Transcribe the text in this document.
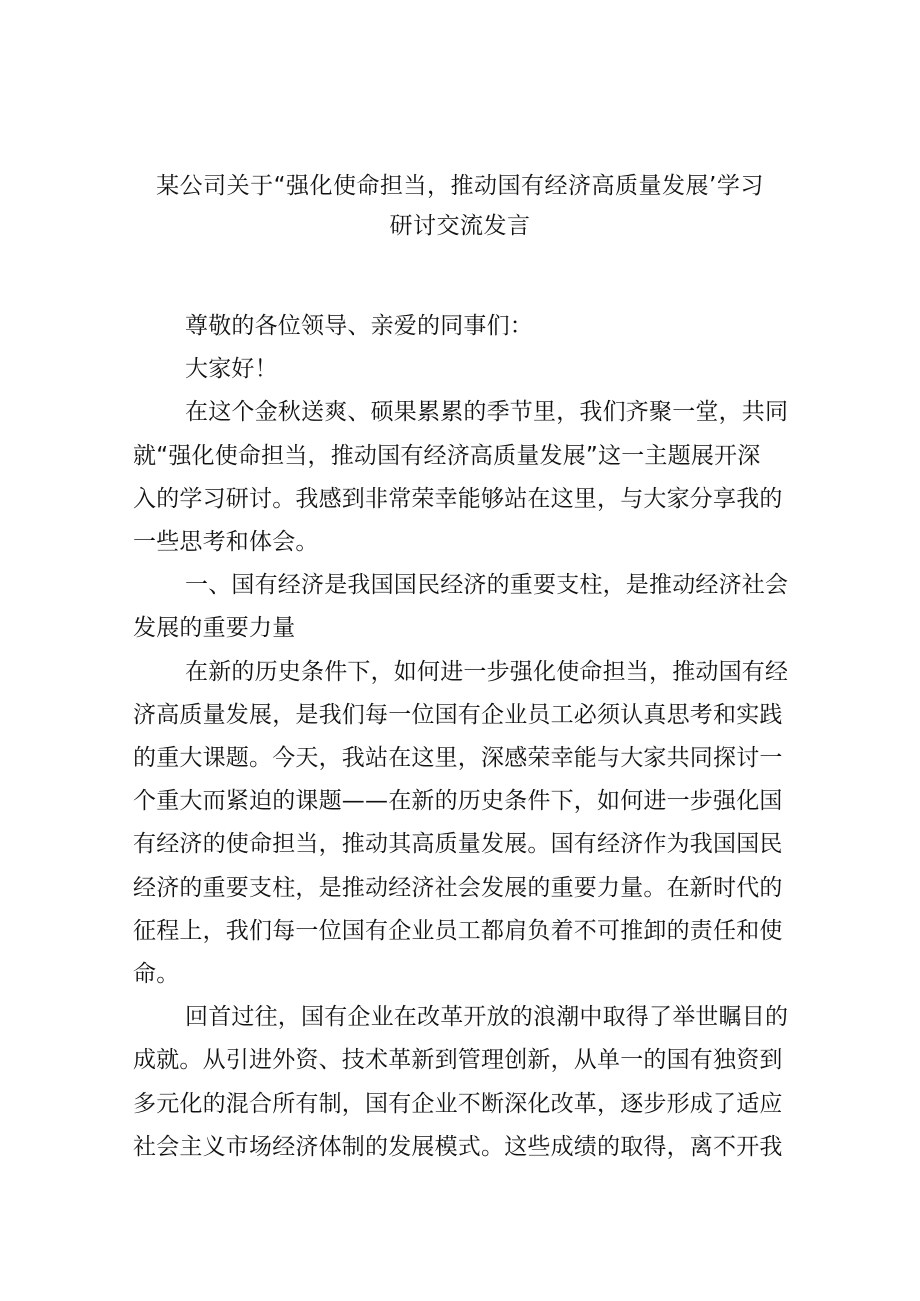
某公司关于“强化使命担当，推动国有经济高质量发展’学习
研讨交流发言
尊敬的各位领导、亲爱的同事们：
大家好！
在这个金秋送爽、硕果累累的季节里，我们齐聚一堂，共同
就“强化使命担当，推动国有经济高质量发展”这一主题展开深
入的学习研讨。我感到非常荣幸能够站在这里，与大家分享我的
一些思考和体会。
一、国有经济是我国国民经济的重要支柱，是推动经济社会
发展的重要力量
在新的历史条件下，如何进一步强化使命担当，推动国有经
济高质量发展，是我们每一位国有企业员工必须认真思考和实践
的重大课题。今天，我站在这里，深感荣幸能与大家共同探讨一
个重大而紧迫的课题——在新的历史条件下，如何进一步强化国
有经济的使命担当，推动其高质量发展。国有经济作为我国国民
经济的重要支柱，是推动经济社会发展的重要力量。在新时代的
征程上，我们每一位国有企业员工都肩负着不可推卸的责任和使
命。
回首过往，国有企业在改革开放的浪潮中取得了举世瞩目的
成就。从引进外资、技术革新到管理创新，从单一的国有独资到
多元化的混合所有制，国有企业不断深化改革，逐步形成了适应
社会主义市场经济体制的发展模式。这些成绩的取得，离不开我
